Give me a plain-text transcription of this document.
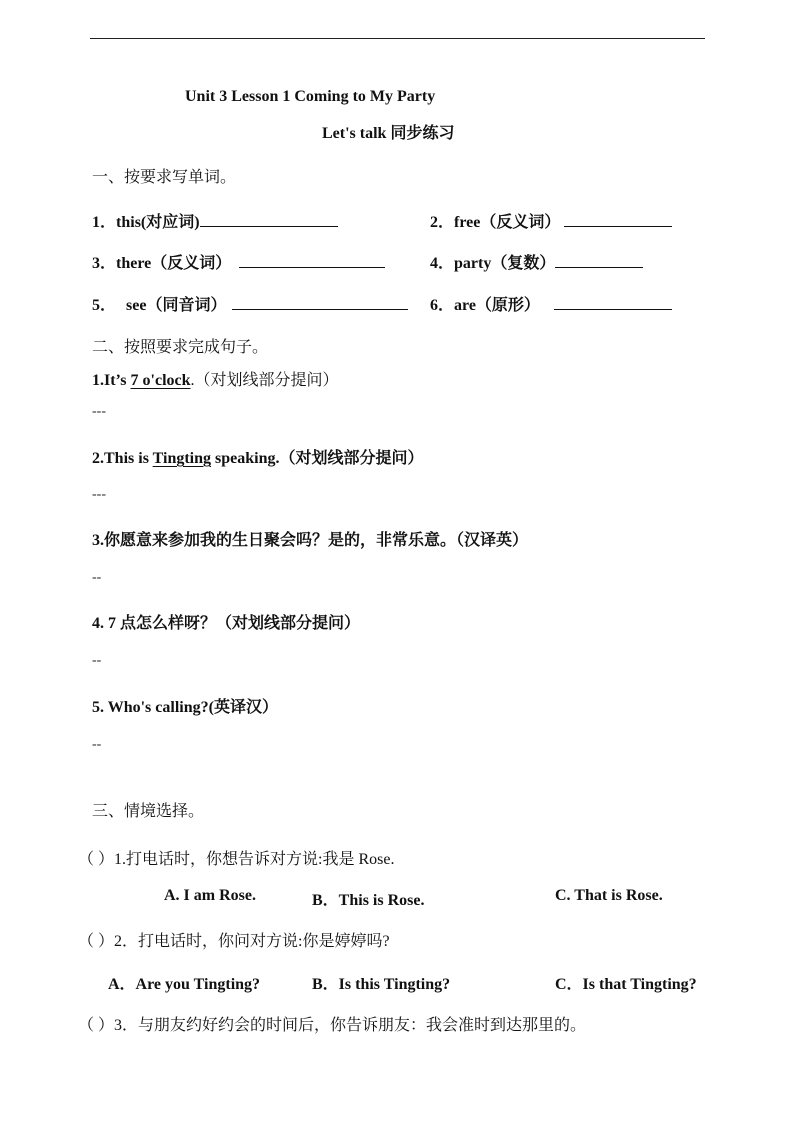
Unit 3 Lesson 1 Coming to My Party
Let's talk 同步练习
一、按要求写单词。
1．this(对应词)	2．free（反义词）
3．there（反义词）	4．party（复数）
5． see（同音词）	6．are（原形）
二、按照要求完成句子。
1.It’s 7 o'clock.（对划线部分提问）
---
2.This is Tingting speaking.（对划线部分提问）
---
3.你愿意来参加我的生日聚会吗？是的，非常乐意。（汉译英）
--
4. 7 点怎么样呀？（对划线部分提问）
--
5. Who's calling?(英译汉）
--
三、情境选择。
（ ）1.打电话时，你想告诉对方说:我是 Rose.
A. I am Rose.	B．This is Rose.	C. That is Rose.
（ ）2．打电话时，你问对方说:你是婷婷吗?
A．Are you Tingting?	B．Is this Tingting?	C．Is that Tingting?
（ ）3．与朋友约好约会的时间后，你告诉朋友：我会准时到达那里的。
